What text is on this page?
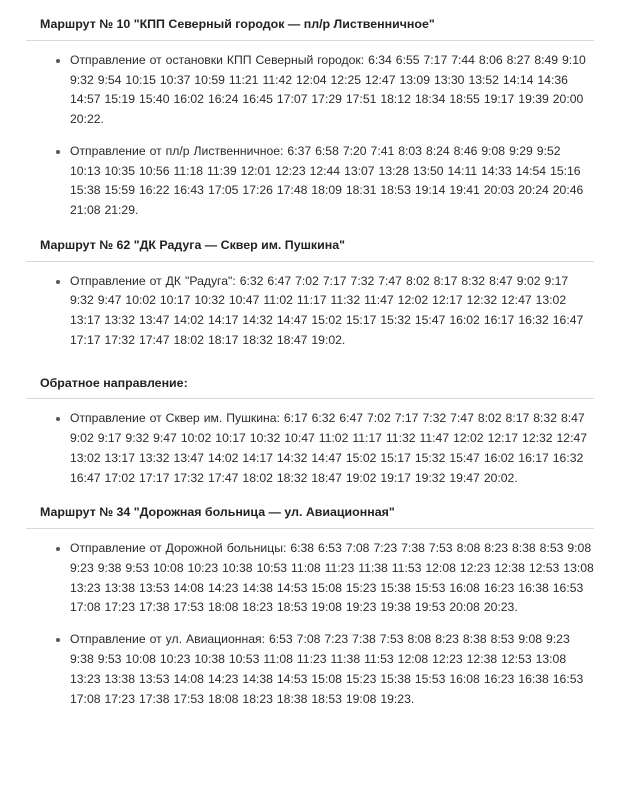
Маршрут № 10 "КПП Северный городок — пл/р Лиственничное"
Отправление от остановки КПП Северный городок: 6:34 6:55 7:17 7:44 8:06 8:27 8:49 9:10 9:32 9:54 10:15 10:37 10:59 11:21 11:42 12:04 12:25 12:47 13:09 13:30 13:52 14:14 14:36 14:57 15:19 15:40 16:02 16:24 16:45 17:07 17:29 17:51 18:12 18:34 18:55 19:17 19:39 20:00 20:22.
Отправление от пл/р Лиственничное: 6:37 6:58 7:20 7:41 8:03 8:24 8:46 9:08 9:29 9:52 10:13 10:35 10:56 11:18 11:39 12:01 12:23 12:44 13:07 13:28 13:50 14:11 14:33 14:54 15:16 15:38 15:59 16:22 16:43 17:05 17:26 17:48 18:09 18:31 18:53 19:14 19:41 20:03 20:24 20:46 21:08 21:29.
Маршрут № 62 "ДК Радуга — Сквер им. Пушкина"
Отправление от ДК "Радуга": 6:32 6:47 7:02 7:17 7:32 7:47 8:02 8:17 8:32 8:47 9:02 9:17 9:32 9:47 10:02 10:17 10:32 10:47 11:02 11:17 11:32 11:47 12:02 12:17 12:32 12:47 13:02 13:17 13:32 13:47 14:02 14:17 14:32 14:47 15:02 15:17 15:32 15:47 16:02 16:17 16:32 16:47 17:17 17:32 17:47 18:02 18:17 18:32 18:47 19:02.
Обратное направление:
Отправление от Сквер им. Пушкина: 6:17 6:32 6:47 7:02 7:17 7:32 7:47 8:02 8:17 8:32 8:47 9:02 9:17 9:32 9:47 10:02 10:17 10:32 10:47 11:02 11:17 11:32 11:47 12:02 12:17 12:32 12:47 13:02 13:17 13:32 13:47 14:02 14:17 14:32 14:47 15:02 15:17 15:32 15:47 16:02 16:17 16:32 16:47 17:02 17:17 17:32 17:47 18:02 18:32 18:47 19:02 19:17 19:32 19:47 20:02.
Маршрут № 34 "Дорожная больница — ул. Авиационная"
Отправление от Дорожной больницы: 6:38 6:53 7:08 7:23 7:38 7:53 8:08 8:23 8:38 8:53 9:08 9:23 9:38 9:53 10:08 10:23 10:38 10:53 11:08 11:23 11:38 11:53 12:08 12:23 12:38 12:53 13:08 13:23 13:38 13:53 14:08 14:23 14:38 14:53 15:08 15:23 15:38 15:53 16:08 16:23 16:38 16:53 17:08 17:23 17:38 17:53 18:08 18:23 18:53 19:08 19:23 19:38 19:53 20:08 20:23.
Отправление от ул. Авиационная: 6:53 7:08 7:23 7:38 7:53 8:08 8:23 8:38 8:53 9:08 9:23 9:38 9:53 10:08 10:23 10:38 10:53 11:08 11:23 11:38 11:53 12:08 12:23 12:38 12:53 13:08 13:23 13:38 13:53 14:08 14:23 14:38 14:53 15:08 15:23 15:38 15:53 16:08 16:23 16:38 16:53 17:08 17:23 17:38 17:53 18:08 18:23 18:38 18:53 19:08 19:23.
